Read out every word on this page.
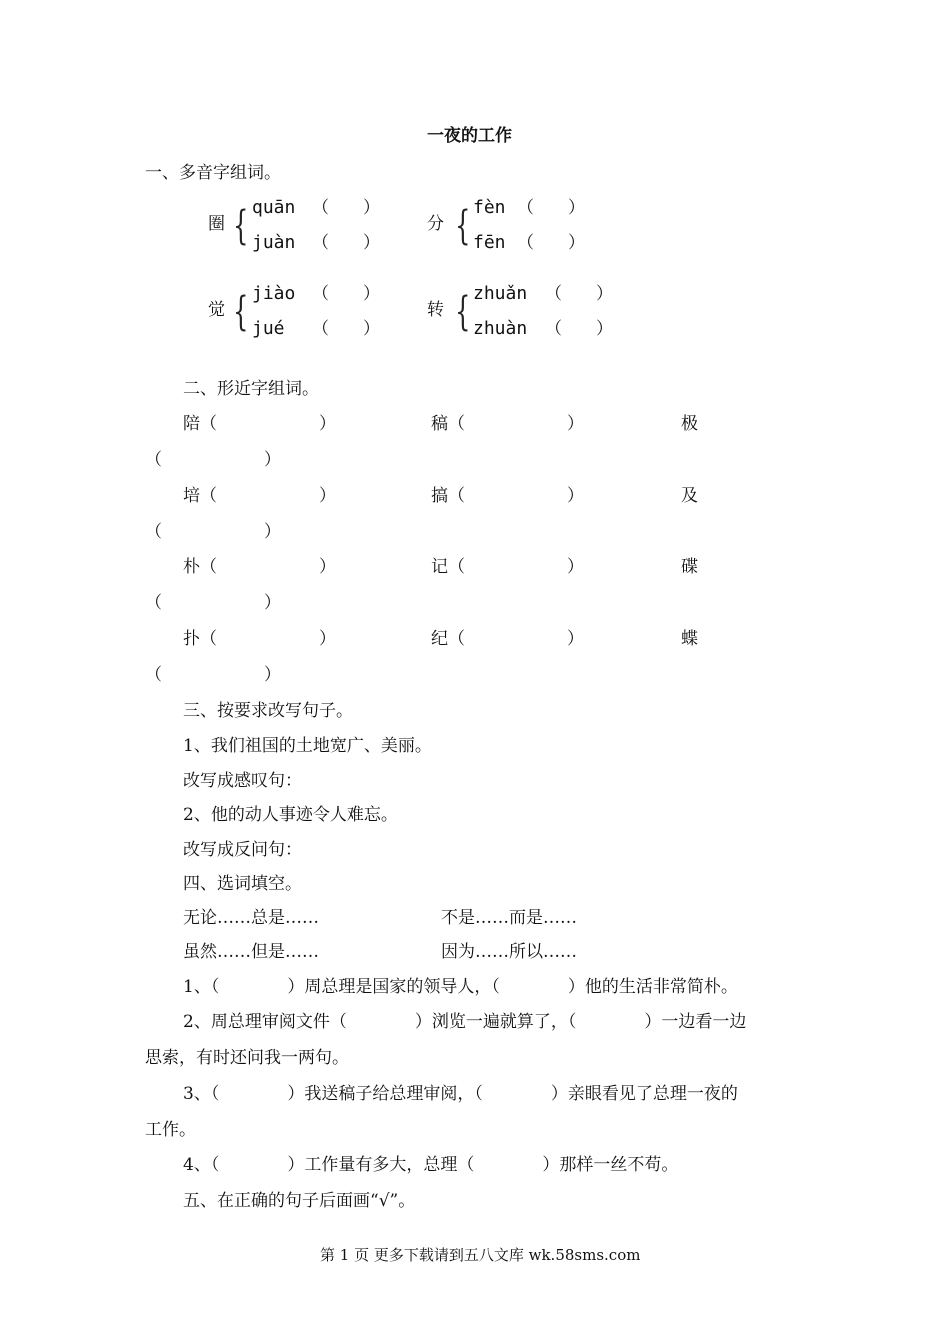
一夜的工作
一、多音字组词。
圈 { quān （　　）
juàn （　　）
分 { fèn （　　）
fēn （　　）
觉 { jiào （　　）
jué （　　）
转 { zhuǎn （　　）
zhuàn （　　）
二、形近字组词。
陪（　　　　　　）	稿（　　　　　　）	极
（　　　　　　）
培（　　　　　　）	搞（　　　　　　）	及
（　　　　　　）
朴（　　　　　　）	记（　　　　　　）	碟
（　　　　　　）
扑（　　　　　　）	纪（　　　　　　）	蝶
（　　　　　　）
三、按要求改写句子。
1、我们祖国的土地宽广、美丽。
改写成感叹句：
2、他的动人事迹令人难忘。
改写成反问句：
四、选词填空。
无论……总是……	不是……而是……
虽然……但是……	因为……所以……
1、（　　　　）周总理是国家的领导人，（　　　　）他的生活非常简朴。
2、周总理审阅文件（　　　　）浏览一遍就算了，（　　　　）一边看一边
思索，有时还问我一两句。
3、（　　　　）我送稿子给总理审阅，（　　　　）亲眼看见了总理一夜的
工作。
4、（　　　　）工作量有多大，总理（　　　　）那样一丝不苟。
五、在正确的句子后面画“√”。
第 1 页 更多下载请到五八文库 wk.58sms.com
